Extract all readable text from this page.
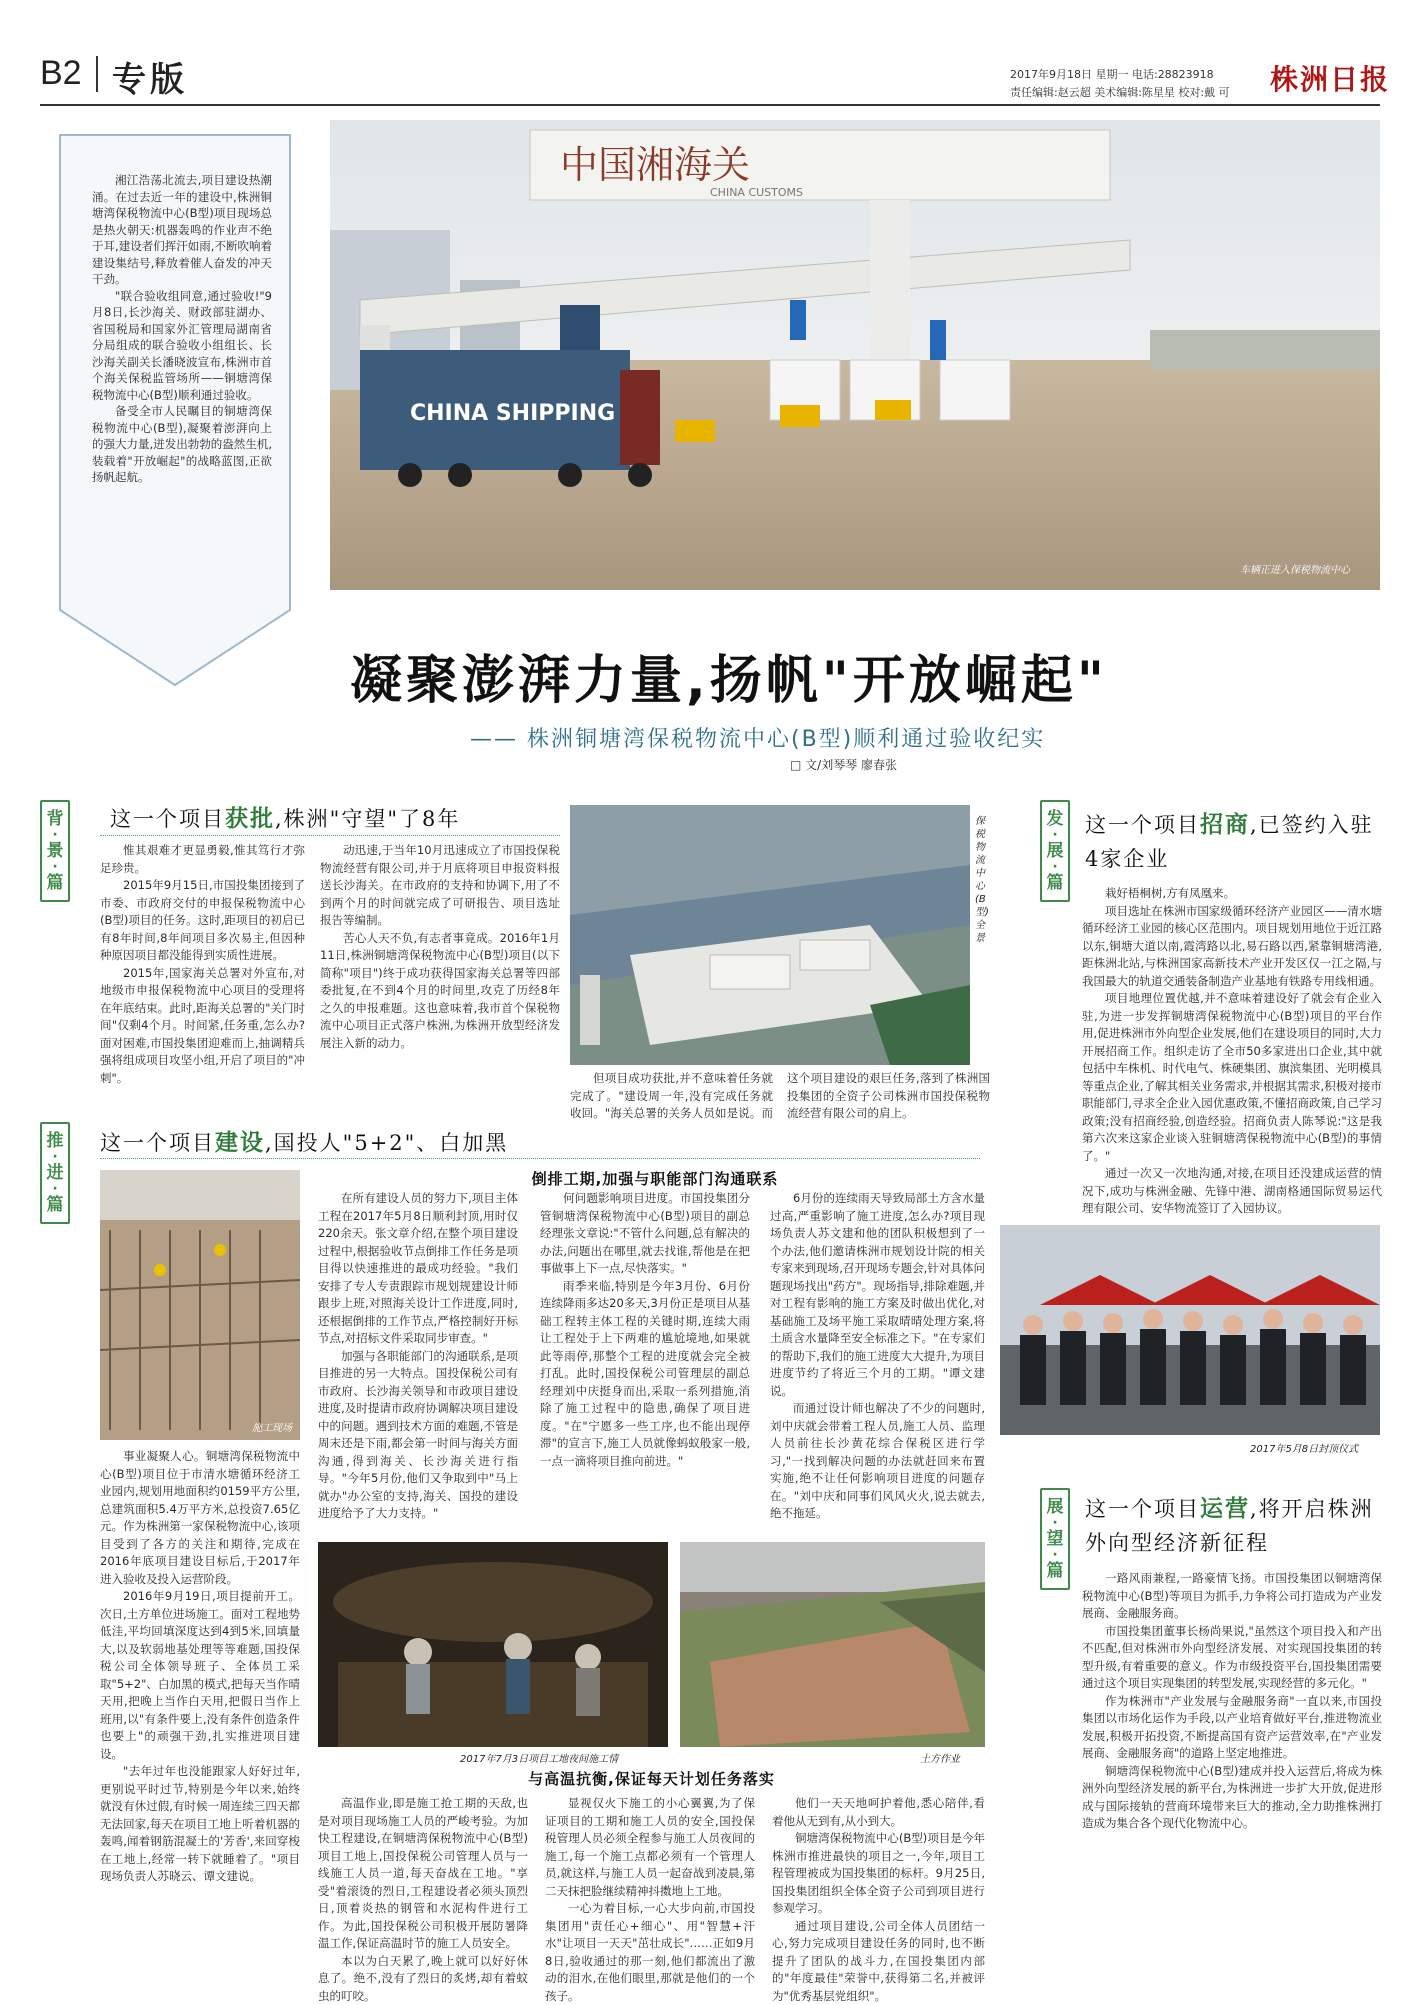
B2 专版	2017年9月18日 星期一 电话:28823918
责任编辑:赵云超 美术编辑:陈星星 校对:戴 可 株洲日报

湘江浩荡北流去,项目建设热潮涌。在过去近一年的建设中,株洲铜塘湾保税物流中心(B型)项目现场总是热火朝天:机器轰鸣的作业声不绝于耳,建设者们挥汗如雨,不断吹响着建设集结号,释放着催人奋发的冲天干劲。

"联合验收组同意,通过验收!"9月8日,长沙海关、财政部驻湖办、省国税局和国家外汇管理局湖南省分局组成的联合验收小组组长、长沙海关副关长潘晓波宣布,株洲市首个海关保税监管场所——铜塘湾保税物流中心(B型)顺利通过验收。

备受全市人民瞩目的铜塘湾保税物流中心(B型),凝聚着澎湃向上的强大力量,迸发出勃勃的盎然生机,装载着"开放崛起"的战略蓝图,正欲扬帆起航。

中国湘海关
CHINA CUSTOMS
CHINA SHIPPING
车辆正进入保税物流中心
凝聚澎湃力量,扬帆"开放崛起"
—— 株洲铜塘湾保税物流中心(B型)顺利通过验收纪实
□ 文/刘琴琴 廖春张
背
·
景
·
篇
这一个项目获批,株洲"守望"了8年

惟其艰难才更显勇毅,惟其笃行才弥足珍贵。

2015年9月15日,市国投集团接到了市委、市政府交付的申报保税物流中心(B型)项目的任务。这时,距项目的初启已有8年时间,8年间项目多次易主,但因种种原因项目都没能得到实质性进展。

2015年,国家海关总署对外宣布,对地级市申报保税物流中心项目的受理将在年底结束。此时,距海关总署的"关门时间"仅剩4个月。时间紧,任务重,怎么办?面对困难,市国投集团迎难而上,抽调精兵强将组成项目攻坚小组,开启了项目的"冲刺"。

动迅速,于当年10月迅速成立了市国投保税物流经营有限公司,并于月底将项目申报资料报送长沙海关。在市政府的支持和协调下,用了不到两个月的时间就完成了可研报告、项目选址报告等编制。

苦心人天不负,有志者事竟成。2016年1月11日,株洲铜塘湾保税物流中心(B型)项目(以下简称"项目")终于成功获得国家海关总署等四部委批复,在不到4个月的时间里,攻克了历经8年之久的申报难题。这也意味着,我市首个保税物流中心项目正式落户株洲,为株洲开放型经济发展注入新的动力。

保税物流中心(B型)全景

但项目成功获批,并不意味着任务就完成了。"建设周一年,没有完成任务就收回。"海关总署的关务人员如是说。而这个项目建设的艰巨任务,落到了株洲国投集团的全资子公司株洲市国投保税物流经营有限公司的肩上。

推
·
进
·
篇
这一个项目建设,国投人"5+2"、白加黑
倒排工期,加强与职能部门沟通联系
施工现场

事业凝聚人心。铜塘湾保税物流中心(B型)项目位于市清水塘循环经济工业园内,规划用地面积约0159平方公里,总建筑面积5.4万平方米,总投资7.65亿元。作为株洲第一家保税物流中心,该项目受到了各方的关注和期待,完成在2016年底项目建设目标后,于2017年进入验收及投入运营阶段。

2016年9月19日,项目提前开工。次日,土方单位进场施工。面对工程地势低洼,平均回填深度达到4到5米,回填量大,以及软弱地基处理等等难题,国投保税公司全体领导班子、全体员工采取"5+2"、白加黑的模式,把每天当作晴天用,把晚上当作白天用,把假日当作上班用,以"有条件要上,没有条件创造条件也要上"的顽强干劲,扎实推进项目建设。

"去年过年也没能跟家人好好过年,更别说平时过节,特别是今年以来,始终就没有休过假,有时候一周连续三四天都无法回家,每天在项目工地上听着机器的轰鸣,闻着钢筋混凝土的'芳香',来回穿梭在工地上,经常一转下就睡着了。"项目现场负责人苏晓云、谭文建说。

在所有建设人员的努力下,项目主体工程在2017年5月8日顺利封顶,用时仅220余天。张文章介绍,在整个项目建设过程中,根据验收节点倒排工作任务是项目得以快速推进的最成功经验。"我们安排了专人专责跟踪市规划规建设计师跟步上班,对照海关设计工作进度,同时,还根据倒排的工作节点,严格控制好开标节点,对招标文件采取同步审查。"

加强与各职能部门的沟通联系,是项目推进的另一大特点。国投保税公司有市政府、长沙海关领导和市政项目建设进度,及时提请市政府协调解决项目建设中的问题。遇到技术方面的难题,不管是周末还是下雨,都会第一时间与海关方面沟通,得到海关、长沙海关进行指导。"今年5月份,他们又争取到中"马上就办"办公室的支持,海关、国投的建设进度给予了大力支持。"

何问题影响项目进度。市国投集团分管铜塘湾保税物流中心(B型)项目的副总经理张文章说:"不管什么问题,总有解决的办法,问题出在哪里,就去找谁,帮他是在把事做事上下一点,尽快落实。"

雨季来临,特别是今年3月份、6月份连续降雨多达20多天,3月份正是项目从基础工程转主体工程的关键时期,连续大雨让工程处于上下两难的尴尬境地,如果就此等雨停,那整个工程的进度就会完全被打乱。此时,国投保税公司管理层的副总经理刘中庆挺身而出,采取一系列措施,消除了施工过程中的隐患,确保了项目进度。"在"宁愿多一些工序,也不能出现停滞"的宣言下,施工人员就像蚂蚁般家一般,一点一滴将项目推向前进。"

6月份的连续雨天导致局部土方含水量过高,严重影响了施工进度,怎么办?项目现场负责人苏文建和他的团队积极想到了一个办法,他们邀请株洲市规划设计院的相关专家来到现场,召开现场专题会,针对具体问题现场找出"药方"。现场指导,排除难题,并对工程有影响的施工方案及时做出优化,对基础施工及场平施工采取晴晴处理方案,将土质含水量降至安全标准之下。"在专家们的帮助下,我们的施工进度大大提升,为项目进度节约了将近三个月的工期。"谭文建说。

而通过设计师也解决了不少的问题时,刘中庆就会带着工程人员,施工人员、监理人员前往长沙黄花综合保税区进行学习,"一找到解决问题的办法就赶回来布置实施,绝不让任何影响项目进度的问题存在。"刘中庆和同事们风风火火,说去就去,绝不拖延。

2017年7月3日项目工地夜间施工情	土方作业
与高温抗衡,保证每天计划任务落实

高温作业,即是施工抢工期的天敌,也是对项目现场施工人员的严峻考验。为加快工程建设,在铜塘湾保税物流中心(B型)项目工地上,国投保税公司管理人员与一线施工人员一道,每天奋战在工地。"享受"着滚烫的烈日,工程建设者必须头顶烈日,顶着炎热的钢管和水泥构件进行工作。为此,国投保税公司积极开展防暑降温工作,保证高温时节的施工人员安全。

本以为白天累了,晚上就可以好好休息了。绝不,没有了烈日的炙烤,却有着蚊虫的叮咬。

显视仅火下施工的小心翼翼,为了保证项目的工期和施工人员的安全,国投保税管理人员必须全程参与施工人员夜间的施工,每一个施工点都必须有一个管理人员,就这样,与施工人员一起奋战到凌晨,第二天抹把脸继续精神抖擞地上工地。

一心为着目标,一心大步向前,市国投集团用"责任心+细心"、用"智慧+汗水"让项目一天天"茁壮成长"……正如9月8日,验收通过的那一刻,他们都流出了激动的泪水,在他们眼里,那就是他们的一个孩子。

他们一天天地呵护着他,悉心陪伴,看着他从无到有,从小到大。

铜塘湾保税物流中心(B型)项目是今年株洲市推进最快的项目之一,今年,项目工程管理被成为国投集团的标杆。9月25日,国投集团组织全体全资子公司到项目进行参观学习。

通过项目建设,公司全体人员团结一心,努力完成项目建设任务的同时,也不断提升了团队的战斗力,在国投集团内部的"年度最佳"荣誉中,获得第二名,并被评为"优秀基层党组织"。

发
·
展
·
篇
这一个项目招商,已签约入驻4家企业

栽好梧桐树,方有凤凰来。

项目选址在株洲市国家级循环经济产业园区——清水塘循环经济工业园的核心区范围内。项目规划用地位于近江路以东,铜塘大道以南,霞湾路以北,易石路以西,紧靠铜塘湾港,距株洲北站,与株洲国家高新技术产业开发区仅一江之隔,与我国最大的轨道交通装备制造产业基地有铁路专用线相通。

项目地理位置优越,并不意味着建设好了就会有企业入驻,为进一步发挥铜塘湾保税物流中心(B型)项目的平台作用,促进株洲市外向型企业发展,他们在建设项目的同时,大力开展招商工作。组织走访了全市50多家进出口企业,其中就包括中车株机、时代电气、株硬集团、旗滨集团、光明模具等重点企业,了解其相关业务需求,并根据其需求,积极对接市职能部门,寻求全企业入园优惠政策,不懂招商政策,自己学习政策;没有招商经验,创造经验。招商负责人陈琴说:"这是我第六次来这家企业谈入驻铜塘湾保税物流中心(B型)的事情了。"

通过一次又一次地沟通,对接,在项目还没建成运营的情况下,成功与株洲金融、先锋中港、湖南格通国际贸易运代理有限公司、安华物流签订了入园协议。

2017年5月8日封顶仪式
展
·
望
·
篇
这一个项目运营,将开启株洲外向型经济新征程

一路风雨兼程,一路豪情飞扬。市国投集团以铜塘湾保税物流中心(B型)等项目为抓手,力争将公司打造成为产业发展商、金融服务商。

市国投集团董事长杨尚果说,"虽然这个项目投入和产出不匹配,但对株洲市外向型经济发展、对实现国投集团的转型升级,有着重要的意义。作为市级投资平台,国投集团需要通过这个项目实现集团的转型发展,实现经营的多元化。"

作为株洲市"产业发展与金融服务商"一直以来,市国投集团以市场化运作为手段,以产业培育做好平台,推进物流业发展,积极开拓投资,不断提高国有资产运营效率,在"产业发展商、金融服务商"的道路上坚定地推进。

铜塘湾保税物流中心(B型)建成并投入运营后,将成为株洲外向型经济发展的新平台,为株洲进一步扩大开放,促进形成与国际接轨的营商环境带来巨大的推动,全力助推株洲打造成为集合各个现代化物流中心。
